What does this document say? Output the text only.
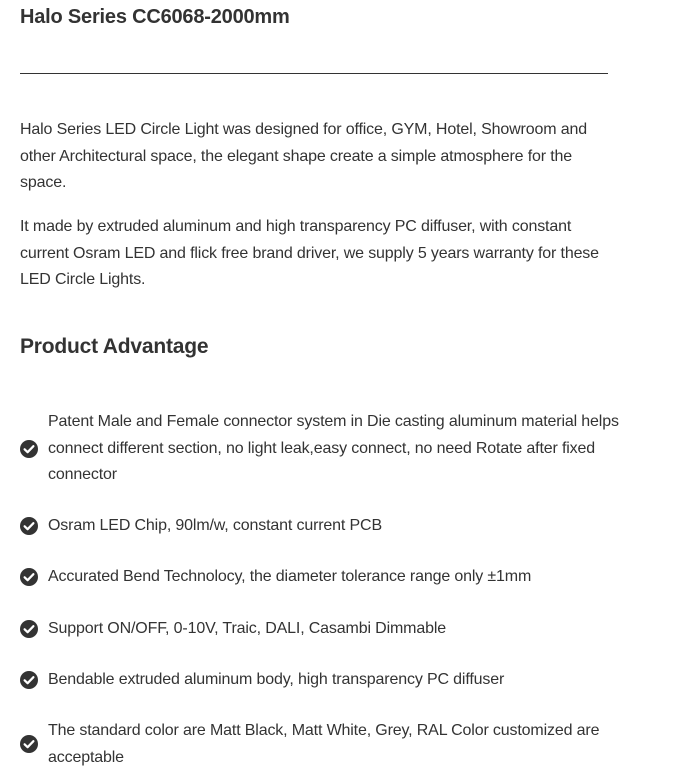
Halo Series CC6068-2000mm

Halo Series LED Circle Light was designed for office, GYM, Hotel, Showroom and other Architectural space, the elegant shape create a simple atmosphere for the space.

It made by extruded aluminum and high transparency PC diffuser, with constant current Osram LED and flick free brand driver, we supply 5 years warranty for these LED Circle Lights.

Product Advantage

Patent Male and Female connector system in Die casting aluminum material helps connect different section, no light leak,easy connect, no need Rotate after fixed connector

Osram LED Chip, 90lm/w, constant current PCB

Accurated Bend Technolocy, the diameter tolerance range only ±1mm

Support ON/OFF, 0-10V, Traic, DALI, Casambi Dimmable

Bendable extruded aluminum body, high transparency PC diffuser

The standard color are Matt Black, Matt White, Grey, RAL Color customized are acceptable
